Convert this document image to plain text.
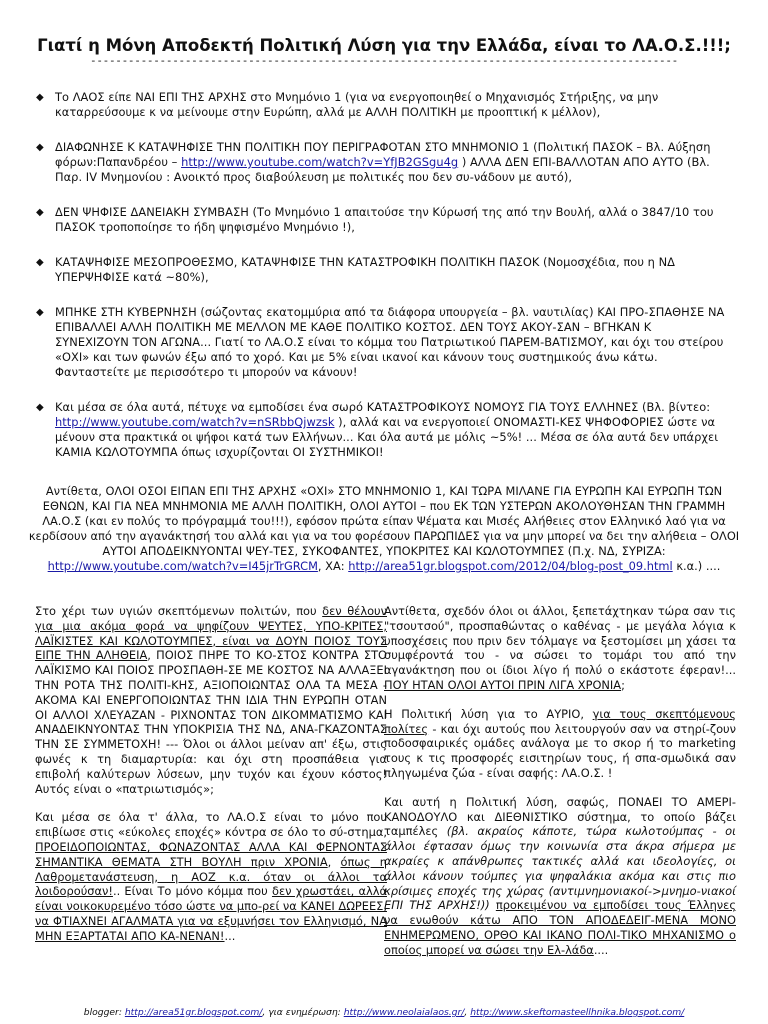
Γιατί η Μόνη Αποδεκτή Πολιτική Λύση για την Ελλάδα, είναι το ΛΑ.Ο.Σ.!!!;
---------------------------------------------------------------------------------------------
◆ Το ΛΑΟΣ είπε ΝΑΙ ΕΠΙ ΤΗΣ ΑΡΧΗΣ στο Μνημόνιο 1 (για να ενεργοποιηθεί ο Μηχανισμός Στήριξης, να μην καταρρεύσουμε κ να μείνουμε στην Ευρώπη, αλλά με ΑΛΛΗ ΠΟΛΙΤΙΚΗ με προοπτική κ μέλλον),
◆ ΔΙΑΦΩΝΗΣΕ Κ ΚΑΤΑΨΗΦΙΣΕ ΤΗΝ ΠΟΛΙΤΙΚΗ ΠΟΥ ΠΕΡΙΓΡΑΦΟΤΑΝ ΣΤΟ ΜΝΗΜΟΝΙΟ 1 (Πολιτική ΠΑΣΟΚ – Βλ. Αύξηση φόρων:Παπανδρέου – http://www.youtube.com/watch?v=YfJB2GSgu4g ) ΑΛΛΑ ΔΕΝ ΕΠΙ-ΒΑΛΛΟΤΑΝ ΑΠΟ ΑΥΤΟ (Βλ. Παρ. IV Μνημονίου : Ανοικτό προς διαβούλευση με πολιτικές που δεν συ-νάδουν με αυτό),
◆ ΔΕΝ ΨΗΦΙΣΕ ΔΑΝΕΙΑΚΗ ΣΥΜΒΑΣΗ (Το Μνημόνιο 1 απαιτούσε την Κύρωσή της από την Βουλή, αλλά ο 3847/10 του ΠΑΣΟΚ τροποποίησε το ήδη ψηφισμένο Μνημόνιο !),
◆ ΚΑΤΑΨΗΦΙΣΕ ΜΕΣΟΠΡΟΘΕΣΜΟ, ΚΑΤΑΨΗΦΙΣΕ ΤΗΝ ΚΑΤΑΣΤΡΟΦΙΚΗ ΠΟΛΙΤΙΚΗ ΠΑΣΟΚ (Νομοσχέδια, που η ΝΔ ΥΠΕΡΨΗΦΙΣΕ κατά ~80%),
◆ ΜΠΗΚΕ ΣΤΗ ΚΥΒΕΡΝΗΣΗ (σώζοντας εκατομμύρια από τα διάφορα υπουργεία – βλ. ναυτιλίας) ΚΑΙ ΠΡΟ-ΣΠΑΘΗΣΕ ΝΑ ΕΠΙΒΑΛΛΕΙ ΑΛΛΗ ΠΟΛΙΤΙΚΗ ΜΕ ΜΕΛΛΟΝ ΜΕ ΚΑΘΕ ΠΟΛΙΤΙΚΟ ΚΟΣΤΟΣ. ΔΕΝ ΤΟΥΣ ΑΚΟΥ-ΣΑΝ – ΒΓΗΚΑΝ Κ ΣΥΝΕΧΙΖΟΥΝ ΤΟΝ ΑΓΩΝΑ... Γιατί το ΛΑ.Ο.Σ είναι το κόμμα του Πατριωτικού ΠΑΡΕΜ-ΒΑΤΙΣΜΟΥ, και όχι του στείρου «ΟΧΙ» και των φωνών έξω από το χορό. Και με 5% είναι ικανοί και κάνουν τους συστημικούς άνω κάτω. Φανταστείτε με περισσότερο τι μπορούν να κάνουν!
◆ Και μέσα σε όλα αυτά, πέτυχε να εμποδίσει ένα σωρό ΚΑΤΑΣΤΡΟΦΙΚΟΥΣ ΝΟΜΟΥΣ ΓΙΑ ΤΟΥΣ ΕΛΛΗΝΕΣ (Βλ. βίντεο: http://www.youtube.com/watch?v=nSRbbQjwzsk ), αλλά και να ενεργοποιεί ΟΝΟΜΑΣΤΙ-ΚΕΣ ΨΗΦΟΦΟΡΙΕΣ ώστε να μένουν στα πρακτικά οι ψήφοι κατά των Ελλήνων... Και όλα αυτά με μόλις ~5%! ... Μέσα σε όλα αυτά δεν υπάρχει ΚΑΜΙΑ ΚΩΛΟΤΟΥΜΠΑ όπως ισχυρίζονται ΟΙ ΣΥΣΤΗΜΙΚΟΙ!
Αντίθετα, ΟΛΟΙ ΟΣΟΙ ΕΙΠΑΝ ΕΠΙ ΤΗΣ ΑΡΧΗΣ «ΟΧΙ» ΣΤΟ ΜΝΗΜΟΝΙΟ 1, ΚΑΙ ΤΩΡΑ ΜΙΛΑΝΕ ΓΙΑ ΕΥΡΩΠΗ ΚΑΙ ΕΥΡΩΠΗ ΤΩΝ ΕΘΝΩΝ, ΚΑΙ ΓΙΑ ΝΕΑ ΜΝΗΜΟΝΙΑ ΜΕ ΑΛΛΗ ΠΟΛΙΤΙΚΗ, ΟΛΟΙ ΑΥΤΟΙ – που ΕΚ ΤΩΝ ΥΣΤΕΡΩΝ ΑΚΟΛΟΥΘΗΣΑΝ ΤΗΝ ΓΡΑΜΜΗ ΛΑ.Ο.Σ (και εν πολύς το πρόγραμμά του!!!), εφόσον πρώτα είπαν Ψέματα και Μισές Αλήθειες στον Ελληνικό λαό για να κερδίσουν από την αγανάκτησή του αλλά και για να του φορέσουν ΠΑΡΩΠΙΔΕΣ για να μην μπορεί να δει την αλήθεια – ΟΛΟΙ ΑΥΤΟΙ ΑΠΟΔΕΙΚΝΥΟΝΤΑΙ ΨΕΥ-ΤΕΣ, ΣΥΚΟΦΑΝΤΕΣ, ΥΠΟΚΡΙΤΕΣ ΚΑΙ ΚΩΛΟΤΟΥΜΠΕΣ (Π.χ. ΝΔ, ΣΥΡΙΖΑ: http://www.youtube.com/watch?v=I45jrTrGRCM, ΧΑ: http://area51gr.blogspot.com/2012/04/blog-post_09.html κ.α.) ....

Στο χέρι των υγιών σκεπτόμενων πολιτών, που δεν θέλουν για μια ακόμα φορά να ψηφίζουν ΨΕΥΤΕΣ, ΥΠΟ-ΚΡΙΤΕΣ, ΛΑΪΚΙΣΤΕΣ ΚΑΙ ΚΩΛΟΤΟΥΜΠΕΣ, είναι να ΔΟΥΝ ΠΟΙΟΣ ΤΟΥΣ ΕΙΠΕ ΤΗΝ ΑΛΗΘΕΙΑ, ΠΟΙΟΣ ΠΗΡΕ ΤΟ ΚΟ-ΣΤΟΣ ΚΟΝΤΡΑ ΣΤΟ ΛΑΪΚΙΣΜΟ ΚΑΙ ΠΟΙΟΣ ΠΡΟΣΠΑΘΗ-ΣΕ ΜΕ ΚΟΣΤΟΣ ΝΑ ΑΛΛΑΞΕΙ ΤΗΝ ΡΟΤΑ ΤΗΣ ΠΟΛΙΤΙ-ΚΗΣ, ΑΞΙΟΠΟΙΩΝΤΑΣ ΟΛΑ ΤΑ ΜΕΣΑ - ΑΚΟΜΑ ΚΑΙ ΕΝΕΡΓΟΠΟΙΩΝΤΑΣ ΤΗΝ ΙΔΙΑ ΤΗΝ ΕΥΡΩΠΗ ΟΤΑΝ ΟΙ ΑΛΛΟΙ ΧΛΕΥΑΖΑΝ - ΡΙΧΝΟΝΤΑΣ ΤΟΝ ΔΙΚΟΜΜΑΤΙΣΜΟ ΚΑΙ ΑΝΑΔΕΙΚΝΥΟΝΤΑΣ ΤΗΝ ΥΠΟΚΡΙΣΙΑ ΤΗΣ ΝΔ, ΑΝΑ-ΓΚΑΖΟΝΤΑΣ ΤΗΝ ΣΕ ΣΥΜΜΕΤΟΧΗ! --- Όλοι οι άλλοι μείναν απ' έξω, στις φωνές κ τη διαμαρτυρία: και όχι στη προσπάθεια για επιβολή καλύτερων λύσεων, μην τυχόν και έχουν κόστος! Αυτός είναι ο «πατριωτισμός»;

Και μέσα σε όλα τ' άλλα, το ΛΑ.Ο.Σ είναι το μόνο που επιβίωσε στις «εύκολες εποχές» κόντρα σε όλο το σύ-στημα, ΠΡΟΕΙΔΟΠΟΙΩΝΤΑΣ, ΦΩΝΑΖΟΝΤΑΣ ΑΛΛΑ ΚΑΙ ΦΕΡΝΟΝΤΑΣ ΣΗΜΑΝΤΙΚΑ ΘΕΜΑΤΑ ΣΤΗ ΒΟΥΛΗ πριν ΧΡΟΝΙΑ, όπως η Λαθρομετανάστευση, η ΑΟΖ κ.α. όταν οι άλλοι τα λοιδορούσαν!.. Είναι Το μόνο κόμμα που δεν χρωστάει, αλλά είναι νοικοκυρεμένο τόσο ώστε να μπο-ρεί να ΚΑΝΕΙ ΔΩΡΕΕΣ, να ΦΤΙΑΧΝΕΙ ΑΓΑΛΜΑΤΑ για να εξυμνήσει τον Ελληνισμό, ΝΑ ΜΗΝ ΕΞΑΡΤΑΤΑΙ ΑΠΟ ΚΑ-ΝΕΝΑΝ!...

Αντίθετα, σχεδόν όλοι οι άλλοι, ξεπετάχτηκαν τώρα σαν τις "τσουτσού", προσπαθώντας ο καθένας - με μεγάλα λόγια κ υποσχέσεις που πριν δεν τόλμαγε να ξεστομίσει μη χάσει τα συμφέροντά του - να σώσει το τομάρι του από την αγανάκτηση που οι ίδιοι λίγο ή πολύ ο εκάστοτε έφεραν!... ΠΟΥ ΗΤΑΝ ΟΛΟΙ ΑΥΤΟΙ ΠΡΙΝ ΛΙΓΑ ΧΡΟΝΙΑ;

Η Πολιτική λύση για το ΑΥΡΙΟ, για τους σκεπτόμενους πολίτες - και όχι αυτούς που λειτουργούν σαν να στηρί-ζουν ποδοσφαιρικές ομάδες ανάλογα με το σκορ ή το marketing τους κ τις προσφορές εισιτηρίων τους, ή σπα-σμωδικά σαν πληγωμένα ζώα - είναι σαφής: ΛΑ.Ο.Σ. !

Και αυτή η Πολιτική λύση, σαφώς, ΠΟΝΑΕΙ ΤΟ ΑΜΕΡΙ-ΚΑΝΟΔΟΥΛΟ και ΔΙΕΘΝΙΣΤΙΚΟ σύστημα, το οποίο βάζει ταμπέλες (βλ. ακραίος κάποτε, τώρα κωλοτούμπας - οι άλλοι έφτασαν όμως την κοινωνία στα άκρα σήμερα με ακραίες κ απάνθρωπες τακτικές αλλά και ιδεολογίες, οι άλλοι κάνουν τούμπες για ψηφαλάκια ακόμα και στις πιο κρίσιμες εποχές της χώρας (αντιμνημονιακοί->μνημο-νιακοί ΕΠΙ ΤΗΣ ΑΡΧΗΣ!)) προκειμένου να εμποδίσει τους Έλληνες να ενωθούν κάτω ΑΠΟ ΤΟΝ ΑΠΟΔΕΔΕΙΓ-ΜΕΝΑ ΜΟΝΟ ΕΝΗΜΕΡΩΜΕΝΟ, ΟΡΘΟ ΚΑΙ ΙΚΑΝΟ ΠΟΛΙ-ΤΙΚΟ ΜΗΧΑΝΙΣΜΟ ο οποίος μπορεί να σώσει την Ελ-λάδα....

blogger: http://area51gr.blogspot.com/, για ενημέρωση: http://www.neolaialaos.gr/, http://www.skeftomasteellhnika.blogspot.com/
